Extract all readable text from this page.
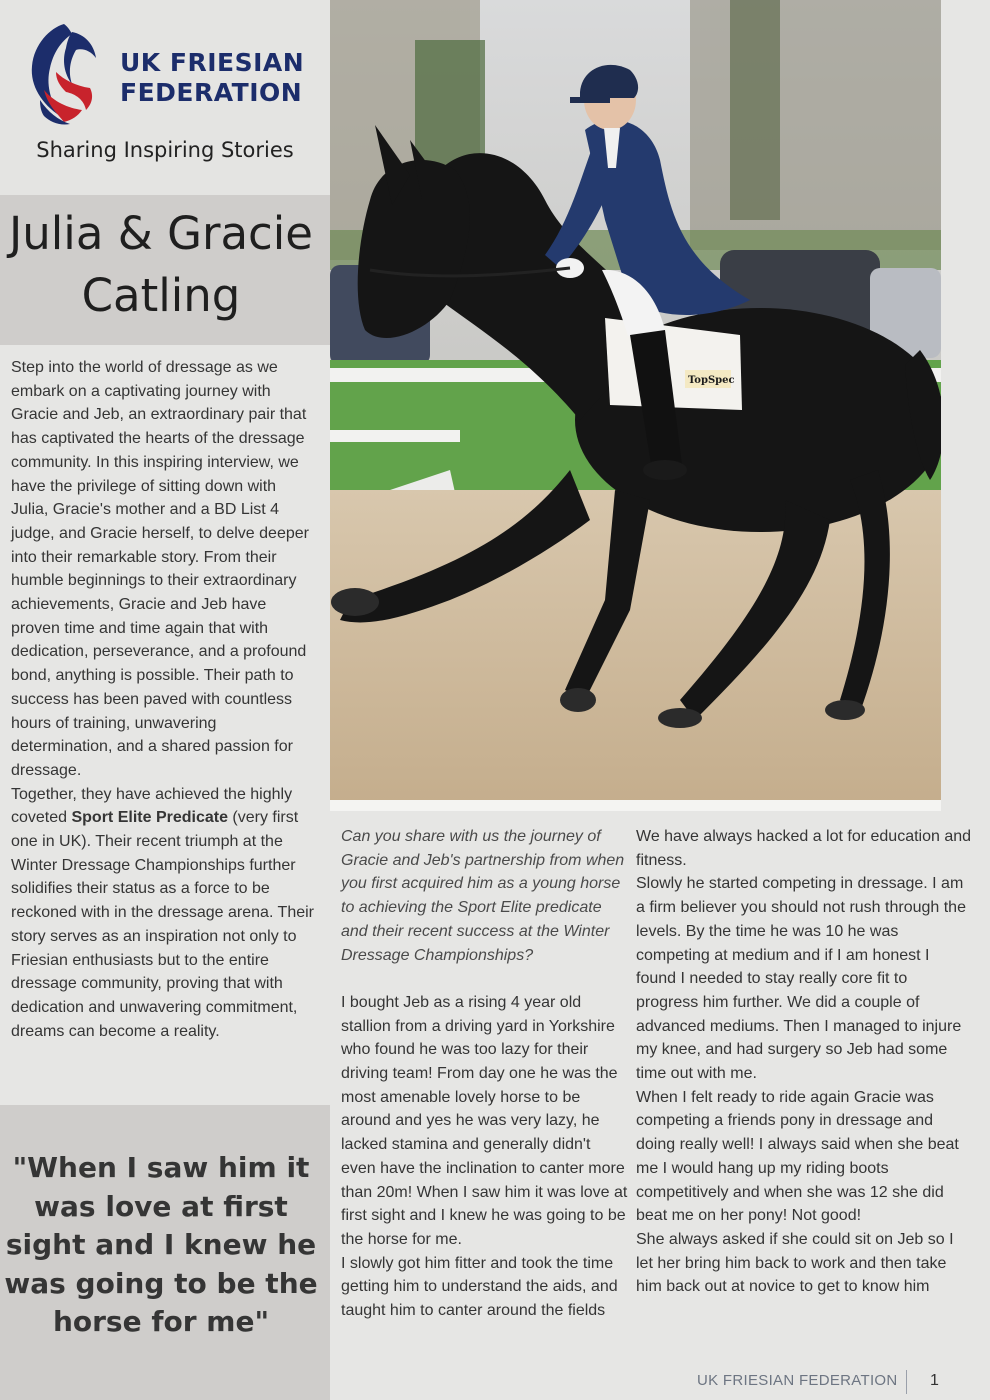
UK FRIESIAN
FEDERATION
Sharing Inspiring Stories
Julia & Gracie
Catling

Step into the world of dressage as we embark on a captivating journey with Gracie and Jeb, an extraordinary pair that has captivated the hearts of the dressage community. In this inspiring interview, we have the privilege of sitting down with Julia, Gracie's mother and a BD List 4 judge, and Gracie herself, to delve deeper into their remarkable story. From their humble beginnings to their extraordinary achievements, Gracie and Jeb have proven time and time again that with dedication, perseverance, and a profound bond, anything is possible. Their path to success has been paved with countless hours of training, unwavering determination, and a shared passion for dressage.

Together, they have achieved the highly coveted Sport Elite Predicate (very first one in UK). Their recent triumph at the Winter Dressage Championships further solidifies their status as a force to be reckoned with in the dressage arena. Their story serves as an inspiration not only to Friesian enthusiasts but to the entire dressage community, proving that with dedication and unwavering commitment, dreams can become a reality.

"When I saw him it was love at first sight and I knew he was going to be the horse for me"
TopSpec

Can you share with us the journey of Gracie and Jeb's partnership from when you first acquired him as a young horse to achieving the Sport Elite predicate and their recent success at the Winter Dressage Championships?

I bought Jeb as a rising 4 year old stallion from a driving yard in Yorkshire who found he was too lazy for their driving team! From day one he was the most amenable lovely horse to be around and yes he was very lazy, he lacked stamina and generally didn't even have the inclination to canter more than 20m! When I saw him it was love at first sight and I knew he was going to be the horse for me.

I slowly got him fitter and took the time getting him to understand the aids, and taught him to canter around the fields

We have always hacked a lot for education and fitness.

Slowly he started competing in dressage. I am a firm believer you should not rush through the levels. By the time he was 10 he was competing at medium and if I am honest I found I needed to stay really core fit to progress him further. We did a couple of advanced mediums. Then I managed to injure my knee, and had surgery so Jeb had some time out with me.

When I felt ready to ride again Gracie was competing a friends pony in dressage and doing really well! I always said when she beat me I would hang up my riding boots competitively and when she was 12 she did beat me on her pony! Not good!

She always asked if she could sit on Jeb so I let her bring him back to work and then take him back out at novice to get to know him

UK FRIESIAN FEDERATION 1
